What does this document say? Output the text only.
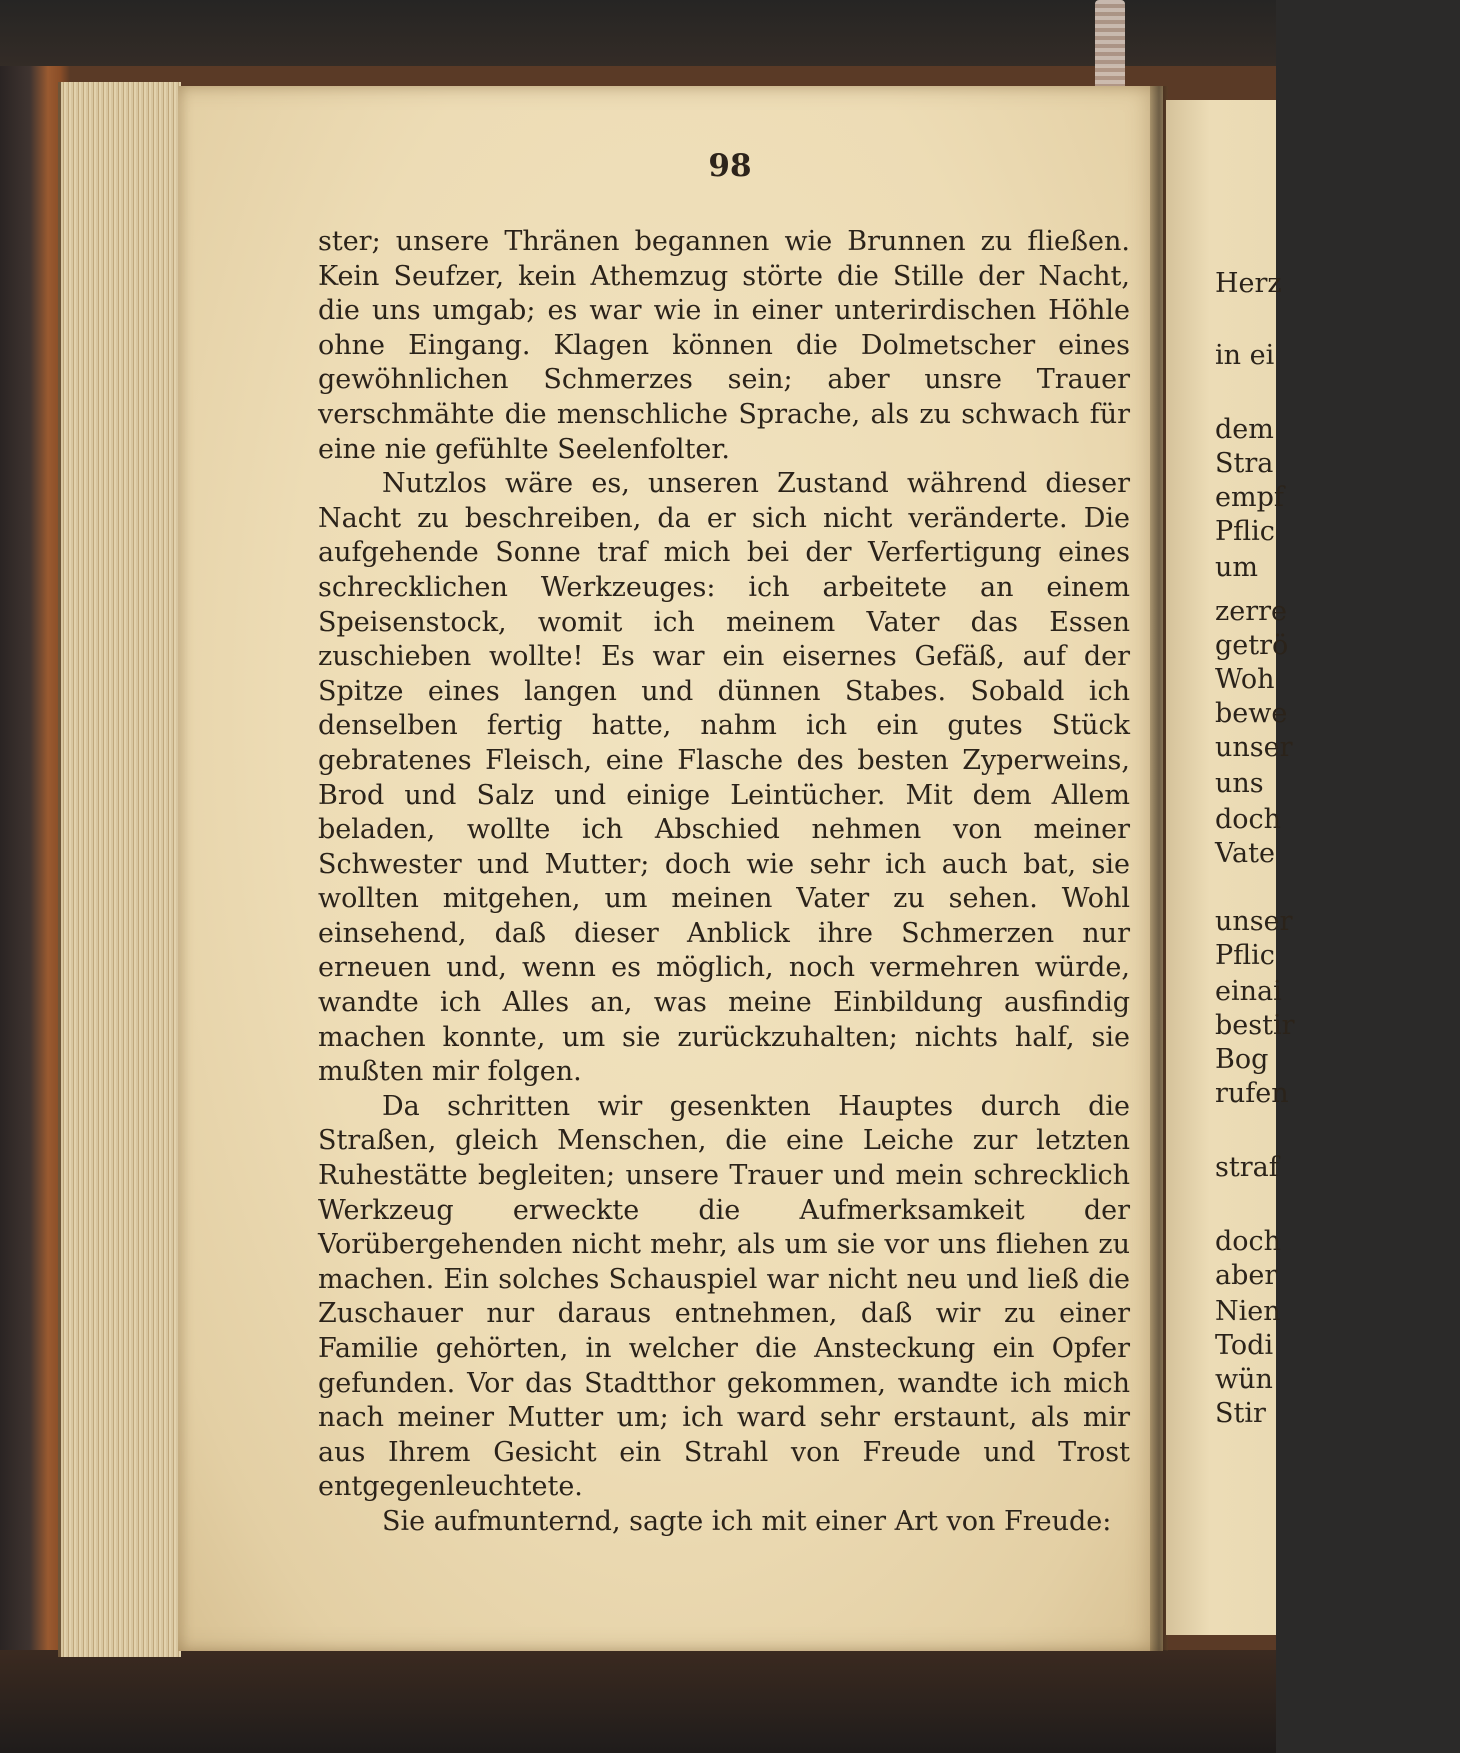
98

ster; unsere Thränen begannen wie Brunnen zu fließen. Kein Seufzer, kein Athemzug störte die Stille der Nacht, die uns umgab; es war wie in einer unterirdischen Höhle ohne Eingang. Klagen können die Dolmetscher eines gewöhnlichen Schmerzes sein; aber unsre Trauer verschmähte die menschliche Sprache, als zu schwach für eine nie gefühlte Seelenfolter.

Nutzlos wäre es, unseren Zustand während dieser Nacht zu beschreiben, da er sich nicht veränderte. Die aufgehende Sonne traf mich bei der Verfertigung eines schrecklichen Werkzeuges: ich arbeitete an einem Speisenstock, womit ich meinem Vater das Essen zuschieben wollte! Es war ein eisernes Gefäß, auf der Spitze eines langen und dünnen Stabes. Sobald ich denselben fertig hatte, nahm ich ein gutes Stück gebratenes Fleisch, eine Flasche des besten Zyperweins, Brod und Salz und einige Leintücher. Mit dem Allem beladen, wollte ich Abschied nehmen von meiner Schwester und Mutter; doch wie sehr ich auch bat, sie wollten mitgehen, um meinen Vater zu sehen. Wohl einsehend, daß dieser Anblick ihre Schmerzen nur erneuen und, wenn es möglich, noch vermehren würde, wandte ich Alles an, was meine Einbildung ausfindig machen konnte, um sie zurückzuhalten; nichts half, sie mußten mir folgen.

Da schritten wir gesenkten Hauptes durch die Straßen, gleich Menschen, die eine Leiche zur letzten Ruhestätte begleiten; unsere Trauer und mein schrecklich Werkzeug erweckte die Aufmerksamkeit der Vorübergehenden nicht mehr, als um sie vor uns fliehen zu machen. Ein solches Schauspiel war nicht neu und ließ die Zuschauer nur daraus entnehmen, daß wir zu einer Familie gehörten, in welcher die Ansteckung ein Opfer gefunden. Vor das Stadtthor gekommen, wandte ich mich nach meiner Mutter um; ich ward sehr erstaunt, als mir aus Ihrem Gesicht ein Strahl von Freude und Trost entgegenleuchtete.

Sie aufmunternd, sagte ich mit einer Art von Freude:

Herz
in ei
dem
Stra
empf
Pflic
um
zerre
getrö
Woh
bewe
unser
uns
doch
Vate
unser
Pflic
einai
bestir
Bog
rufen
straf
doch
aber
Nien
Todi
wün
Stir
